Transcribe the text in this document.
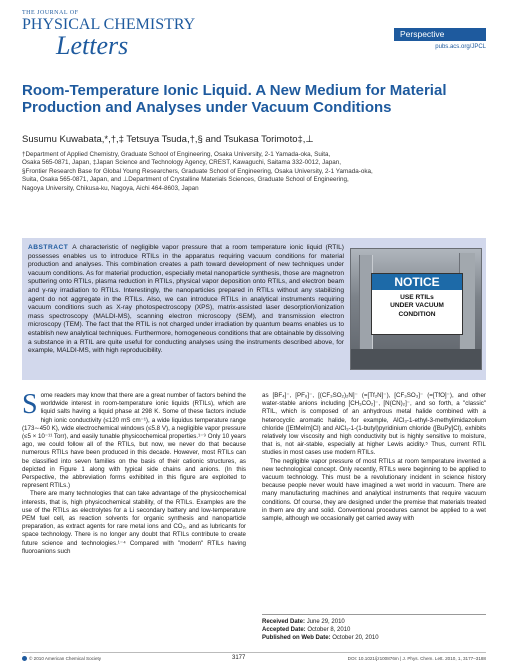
THE JOURNAL OF
PHYSICAL CHEMISTRY
Letters	Perspective
pubs.acs.org/JPCL
Room-Temperature Ionic Liquid. A New Medium for Material Production and Analyses under Vacuum Conditions
Susumu Kuwabata,*,†,‡ Tetsuya Tsuda,†,§ and Tsukasa Torimoto‡,⊥
†Department of Applied Chemistry, Graduate School of Engineering, Osaka University, 2-1 Yamada-oka, Suita,
Osaka 565-0871, Japan, ‡Japan Science and Technology Agency, CREST, Kawaguchi, Saitama 332-0012, Japan,
§Frontier Research Base for Global Young Researchers, Graduate School of Engineering, Osaka University, 2-1 Yamada-oka,
Suita, Osaka 565-0871, Japan, and ⊥Department of Crystalline Materials Sciences, Graduate School of Engineering,
Nagoya University, Chikusa-ku, Nagoya, Aichi 464-8603, Japan
ABSTRACT A characteristic of negligible vapor pressure that a room temperature ionic liquid (RTIL) possesses enables us to introduce RTILs in the apparatus requiring vacuum conditions for material production and analyses. This combination creates a path toward development of new techniques under vacuum conditions. As for material production, especially metal nanoparticle synthesis, those are magnetron sputtering onto RTILs, plasma reduction in RTILs, physical vapor deposition onto RTILs, and electron beam and γ-ray irradiation to RTILs. Interestingly, the nanoparticles prepared in RTILs without any stabilizing agent do not aggregate in the RTILs. Also, we can introduce RTILs in analytical instruments requiring vacuum conditions such as X-ray photospectroscopy (XPS), matrix-assisted laser desorption/ionization mass spectroscopy (MALDI-MS), scanning electron microscopy (SEM), and transmission electron microscopy (TEM). The fact that the RTIL is not charged under irradiation by quantum beams enables us to establish new analytical techniques. Furthermore, homogeneous conditions that are obtainable by dissolving a substance in a RTIL are quite useful for conducting analyses using the instruments described above, for example, MALDI-MS, with high reproducibility.
NOTICE
USE RTILs
UNDER VACUUM
CONDITION

Some readers may know that there are a great number of factors behind the worldwide interest in room-temperature ionic liquids (RTILs), which are liquid salts having a liquid phase at 298 K. Some of these factors include high ionic conductivity (≤120 mS cm⁻¹), a wide liquidus temperature range (173∼450 K), wide electrochemical windows (≤5.8 V), a negligible vapor pressure (≤5 × 10⁻¹¹ Torr), and easily tunable physicochemical properties.¹⁻⁹ Only 10 years ago, we could follow all of the RTILs, but now, we never do that because numerous RTILs have been produced in this decade. However, most RTILs can be classified into seven families on the basis of their cationic structures, as depicted in Figure 1 along with typical side chains and anions. (In this Perspective, the abbreviation forms exhibited in this figure are exploited to represent RTILs.)

There are many technologies that can take advantage of the physicochemical interests, that is, high physicochemical stability, of the RTILs. Examples are the use of the RTILs as electrolytes for a Li secondary battery and low-temperature PEM fuel cell, as reaction solvents for organic synthesis and nanoparticle preparation, as extract agents for rare metal ions and CO₂, and as lubricants for space technology. There is no longer any doubt that RTILs contribute to create future science and technologies.¹⁻⁴ Compared with "modern" RTILs having fluoroanions such

as [BF₄]⁻, [PF₆]⁻, [(CF₃SO₂)₂N]⁻ (=[Tf₂N]⁻), [CF₃SO₃]⁻ (=[TfO]⁻), and other water-stable anions including [CH₃CO₂]⁻, [N(CN)₂]⁻, and so forth, a "classic" RTIL, which is composed of an anhydrous metal halide combined with a heterocyclic aromatic halide, for example, AlCl₃-1-ethyl-3-methylimidazolium chloride ([EtMeIm]Cl) and AlCl₃-1-(1-butyl)pyridinium chloride ([BuPy]Cl), exhibits relatively low viscosity and high conductivity but is highly sensitive to moisture, that is, not air-stable, especially at higher Lewis acidity.⁵ Thus, current RTIL studies in most cases use modern RTILs.

The negligible vapor pressure of most RTILs at room temperature invented a new technological concept. Only recently, RTILs were beginning to be applied to vacuum technology. This must be a revolutionary incident in science history because people never would have imagined a wet world in vacuum. There are many manufacturing machines and analytical instruments that require vacuum conditions. Of course, they are designed under the premise that materials treated in them are dry and solid. Conventional procedures cannot be applied to a wet sample, although we occasionally get carried away with

Received Date: June 29, 2010
Accepted Date: October 8, 2010
Published on Web Date: October 20, 2010
© 2010 American Chemical Society	3177	DOI: 10.1021/jz100876m | J. Phys. Chem. Lett. 2010, 1, 3177–3188
